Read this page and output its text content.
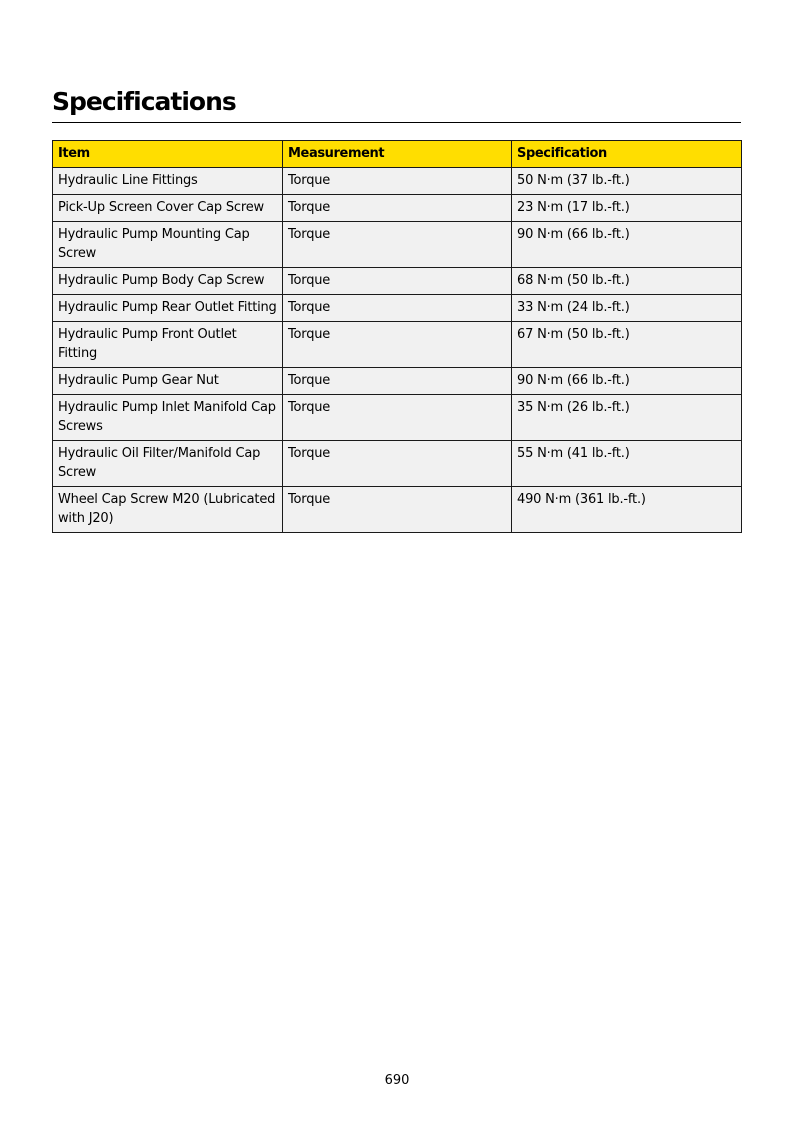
Specifications
Item	Measurement	Specification
Hydraulic Line Fittings	Torque	50 N·m (37 lb.-ft.)
Pick-Up Screen Cover Cap Screw	Torque	23 N·m (17 lb.-ft.)
Hydraulic Pump Mounting Cap Screw	Torque	90 N·m (66 lb.-ft.)
Hydraulic Pump Body Cap Screw	Torque	68 N·m (50 lb.-ft.)
Hydraulic Pump Rear Outlet Fitting	Torque	33 N·m (24 lb.-ft.)
Hydraulic Pump Front Outlet Fitting	Torque	67 N·m (50 lb.-ft.)
Hydraulic Pump Gear Nut	Torque	90 N·m (66 lb.-ft.)
Hydraulic Pump Inlet Manifold Cap Screws	Torque	35 N·m (26 lb.-ft.)
Hydraulic Oil Filter/Manifold Cap Screw	Torque	55 N·m (41 lb.-ft.)
Wheel Cap Screw M20 (Lubricated with J20)	Torque	490 N·m (361 lb.-ft.)
690
